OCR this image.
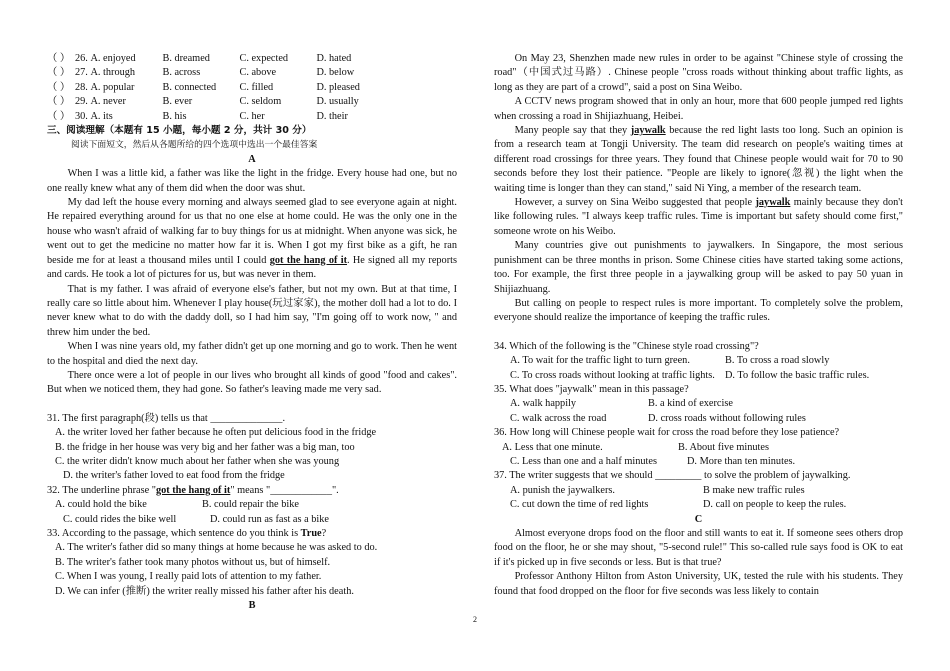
（ ） 26.
A. enjoyed	B. dreamed	C. expected	D. hated
（ ） 27.
A. through	B. across	C. above	D. below
（ ） 28.
A. popular	B. connected	C. filled	D. pleased
（ ） 29.
A. never	B. ever	C. seldom	D. usually
（ ） 30.
A. its	B. his	C. her	D. their
三、阅读理解（本题有 15 小题，每小题 2 分，共计 30 分）
阅读下面短文，然后从各题所给的四个选项中选出一个最佳答案
A

When I was a little kid, a father was like the light in the fridge. Every house had one, but no one really knew what any of them did when the door was shut.

My dad left the house every morning and always seemed glad to see everyone again at night. He repaired everything around for us that no one else at home could. He was the only one in the house who wasn't afraid of walking far to buy things for us at midnight. When anyone was sick, he went out to get the medicine no matter how far it is. When I got my first bike as a gift, he ran beside me for at least a thousand miles until I could got the hang of it. He signed all my reports and cards. He took a lot of pictures for us, but was never in them.

That is my father. I was afraid of everyone else's father, but not my own. But at that time, I really care so little about him. Whenever I play house(玩过家家), the mother doll had a lot to do. I never knew what to do with the daddy doll, so I had him say, "I'm going off to work now, " and threw him under the bed.

When I was nine years old, my father didn't get up one morning and go to work. Then he went to the hospital and died the next day.

There once were a lot of people in our lives who brought all kinds of good "food and cakes". But when we noticed them, they had gone. So father's leaving made me very sad.

31. The first paragraph(段) tells us that ______________.
A. the writer loved her father because he often put delicious food in the fridge
B. the fridge in her house was very big and her father was a big man, too
C. the writer didn't know much about her father when she was young
D. the writer's father loved to eat food from the fridge
32. The underline phrase "got the hang of it" means "____________".
A. could hold the bike	B. could repair the bike
C. could rides the bike well	D. could run as fast as a bike
33. According to the passage, which sentence do you think is True?
A. The writer's father did so many things at home because he was asked to do.
B. The writer's father took many photos without us, but of himself.
C. When I was young, I really paid lots of attention to my father.
D. We can infer (推断) the writer really missed his father after his death.
B

On May 23, Shenzhen made new rules in order to be against "Chinese style of crossing the road"（中国式过马路）. Chinese people "cross roads without thinking about traffic lights, as long as they are part of a crowd", said a post on Sina Weibo.

A CCTV news program showed that in only an hour, more that 600 people jumped red lights when crossing a road in Shijiazhuang, Heibei.

Many people say that they jaywalk because the red light lasts too long. Such an opinion is from a research team at Tongji University. The team did research on people's waiting times at different road crossings for three years. They found that Chinese people would wait for 70 to 90 seconds before they lost their patience. "People are likely to ignore(忽视) the light when the waiting time is longer than they can stand," said Ni Ying, a member of the research team.

However, a survey on Sina Weibo suggested that people jaywalk mainly because they don't like following rules. "I always keep traffic rules. Time is important but safety should come first," someone wrote on his Weibo.

Many countries give out punishments to jaywalkers. In Singapore, the most serious punishment can be three months in prison. Some Chinese cities have started taking some actions, too. For example, the first three people in a jaywalking group will be asked to pay 50 yuan in Shijiazhuang.

But calling on people to respect rules is more important. To completely solve the problem, everyone should realize the importance of keeping the traffic rules.

34. Which of the following is the "Chinese style road crossing"?
A. To wait for the traffic light to turn green.	B. To cross a road slowly
C. To cross roads without looking at traffic lights. D. To follow the basic traffic rules.
35. What does "jaywalk" mean in this passage?
A. walk happily	B. a kind of exercise
C. walk across the road	D. cross roads without following rules
36. How long will Chinese people wait for cross the road before they lose patience?
A. Less that one minute.	B. About five minutes
C. Less than one and a half minutes	D. More than ten minutes.
37. The writer suggests that we should _________ to solve the problem of jaywalking.
A. punish the jaywalkers.	B make new traffic rules
C. cut down the time of red lights	D. call on people to keep the rules.
C

Almost everyone drops food on the floor and still wants to eat it. If someone sees others drop food on the floor, he or she may shout, "5-second rule!" This so-called rule says food is OK to eat if it's picked up in five seconds or less. But is that true?

Professor Anthony Hilton from Aston University, UK, tested the rule with his students. They found that food dropped on the floor for five seconds was less likely to contain

2
